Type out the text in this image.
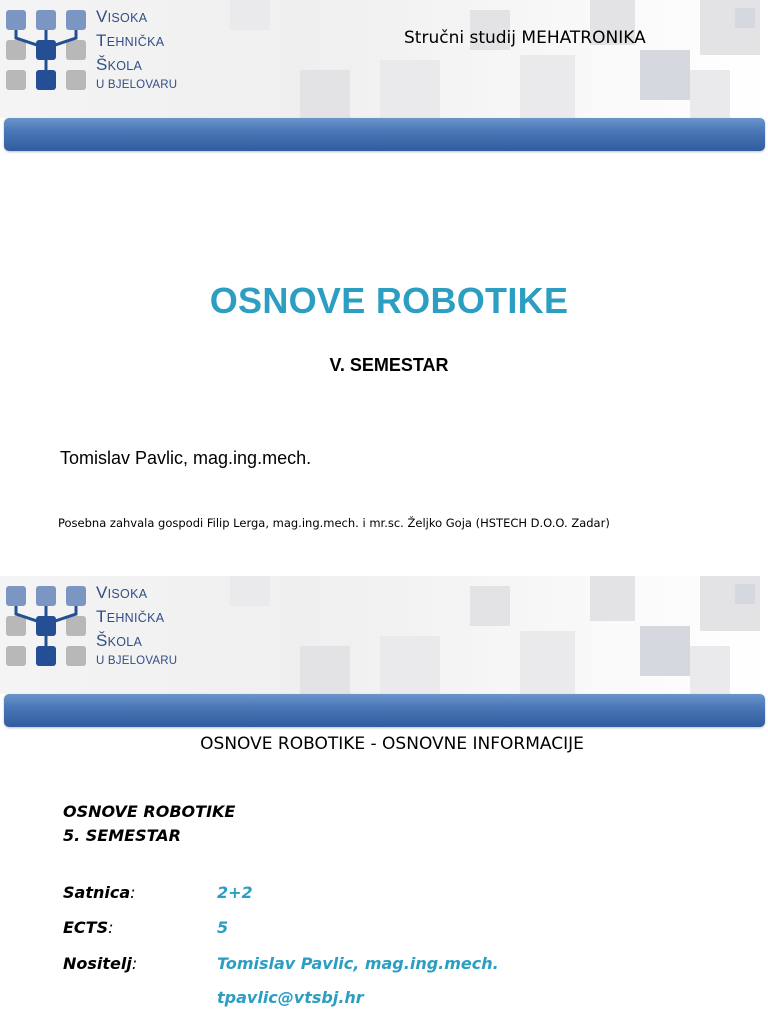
VISOKA
TEHNIČKA
ŠKOLA
U BJELOVARU
Stručni studij MEHATRONIKA
OSNOVE ROBOTIKE
V. SEMESTAR
Tomislav Pavlic, mag.ing.mech.
Posebna zahvala gospodi Filip Lerga, mag.ing.mech. i mr.sc. Željko Goja (HSTECH D.O.O. Zadar)
VISOKA
TEHNIČKA
ŠKOLA
U BJELOVARU
OSNOVE ROBOTIKE - OSNOVNE INFORMACIJE
OSNOVE ROBOTIKE
5. SEMESTAR
Satnica:	2+2
ECTS:	5
Nositelj:	Tomislav Pavlic, mag.ing.mech.
tpavlic@vtsbj.hr
